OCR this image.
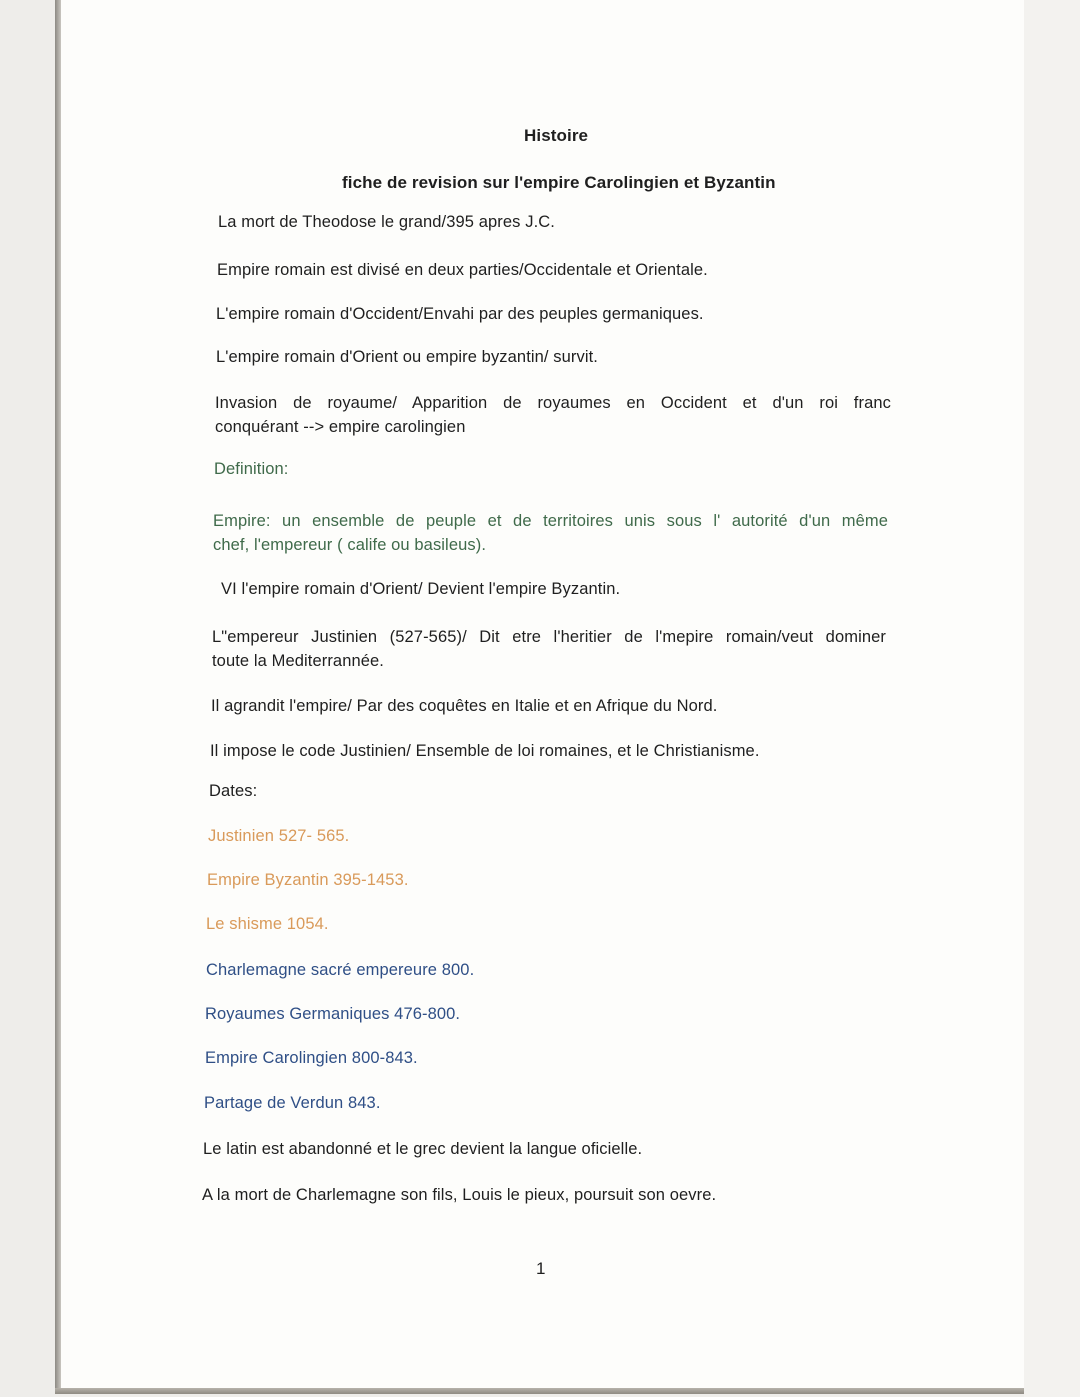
Histoire
fiche de revision sur l'empire Carolingien et Byzantin
La mort de Theodose le grand/395 apres J.C.
Empire romain est divisé en deux parties/Occidentale et Orientale.
L'empire romain d'Occident/Envahi par des peuples germaniques.
L'empire romain d'Orient ou empire byzantin/ survit.
Invasion de royaume/ Apparition de royaumes en Occident et d'un roi franc
conquérant --> empire carolingien
Definition:
Empire: un ensemble de peuple et de territoires unis sous l' autorité d'un même
chef, l'empereur ( calife ou basileus).
VI l'empire romain d'Orient/ Devient l'empire Byzantin.
L"empereur Justinien (527-565)/ Dit etre l'heritier de l'mepire romain/veut dominer
toute la Mediterrannée.
Il agrandit l'empire/ Par des coquêtes en Italie et en Afrique du Nord.
Il impose le code Justinien/ Ensemble de loi romaines, et le Christianisme.
Dates:
Justinien 527- 565.
Empire Byzantin 395-1453.
Le shisme 1054.
Charlemagne sacré empereure 800.
Royaumes Germaniques 476-800.
Empire Carolingien 800-843.
Partage de Verdun 843.
Le latin est abandonné et le grec devient la langue oficielle.
A la mort de Charlemagne son fils, Louis le pieux, poursuit son oevre.
1
